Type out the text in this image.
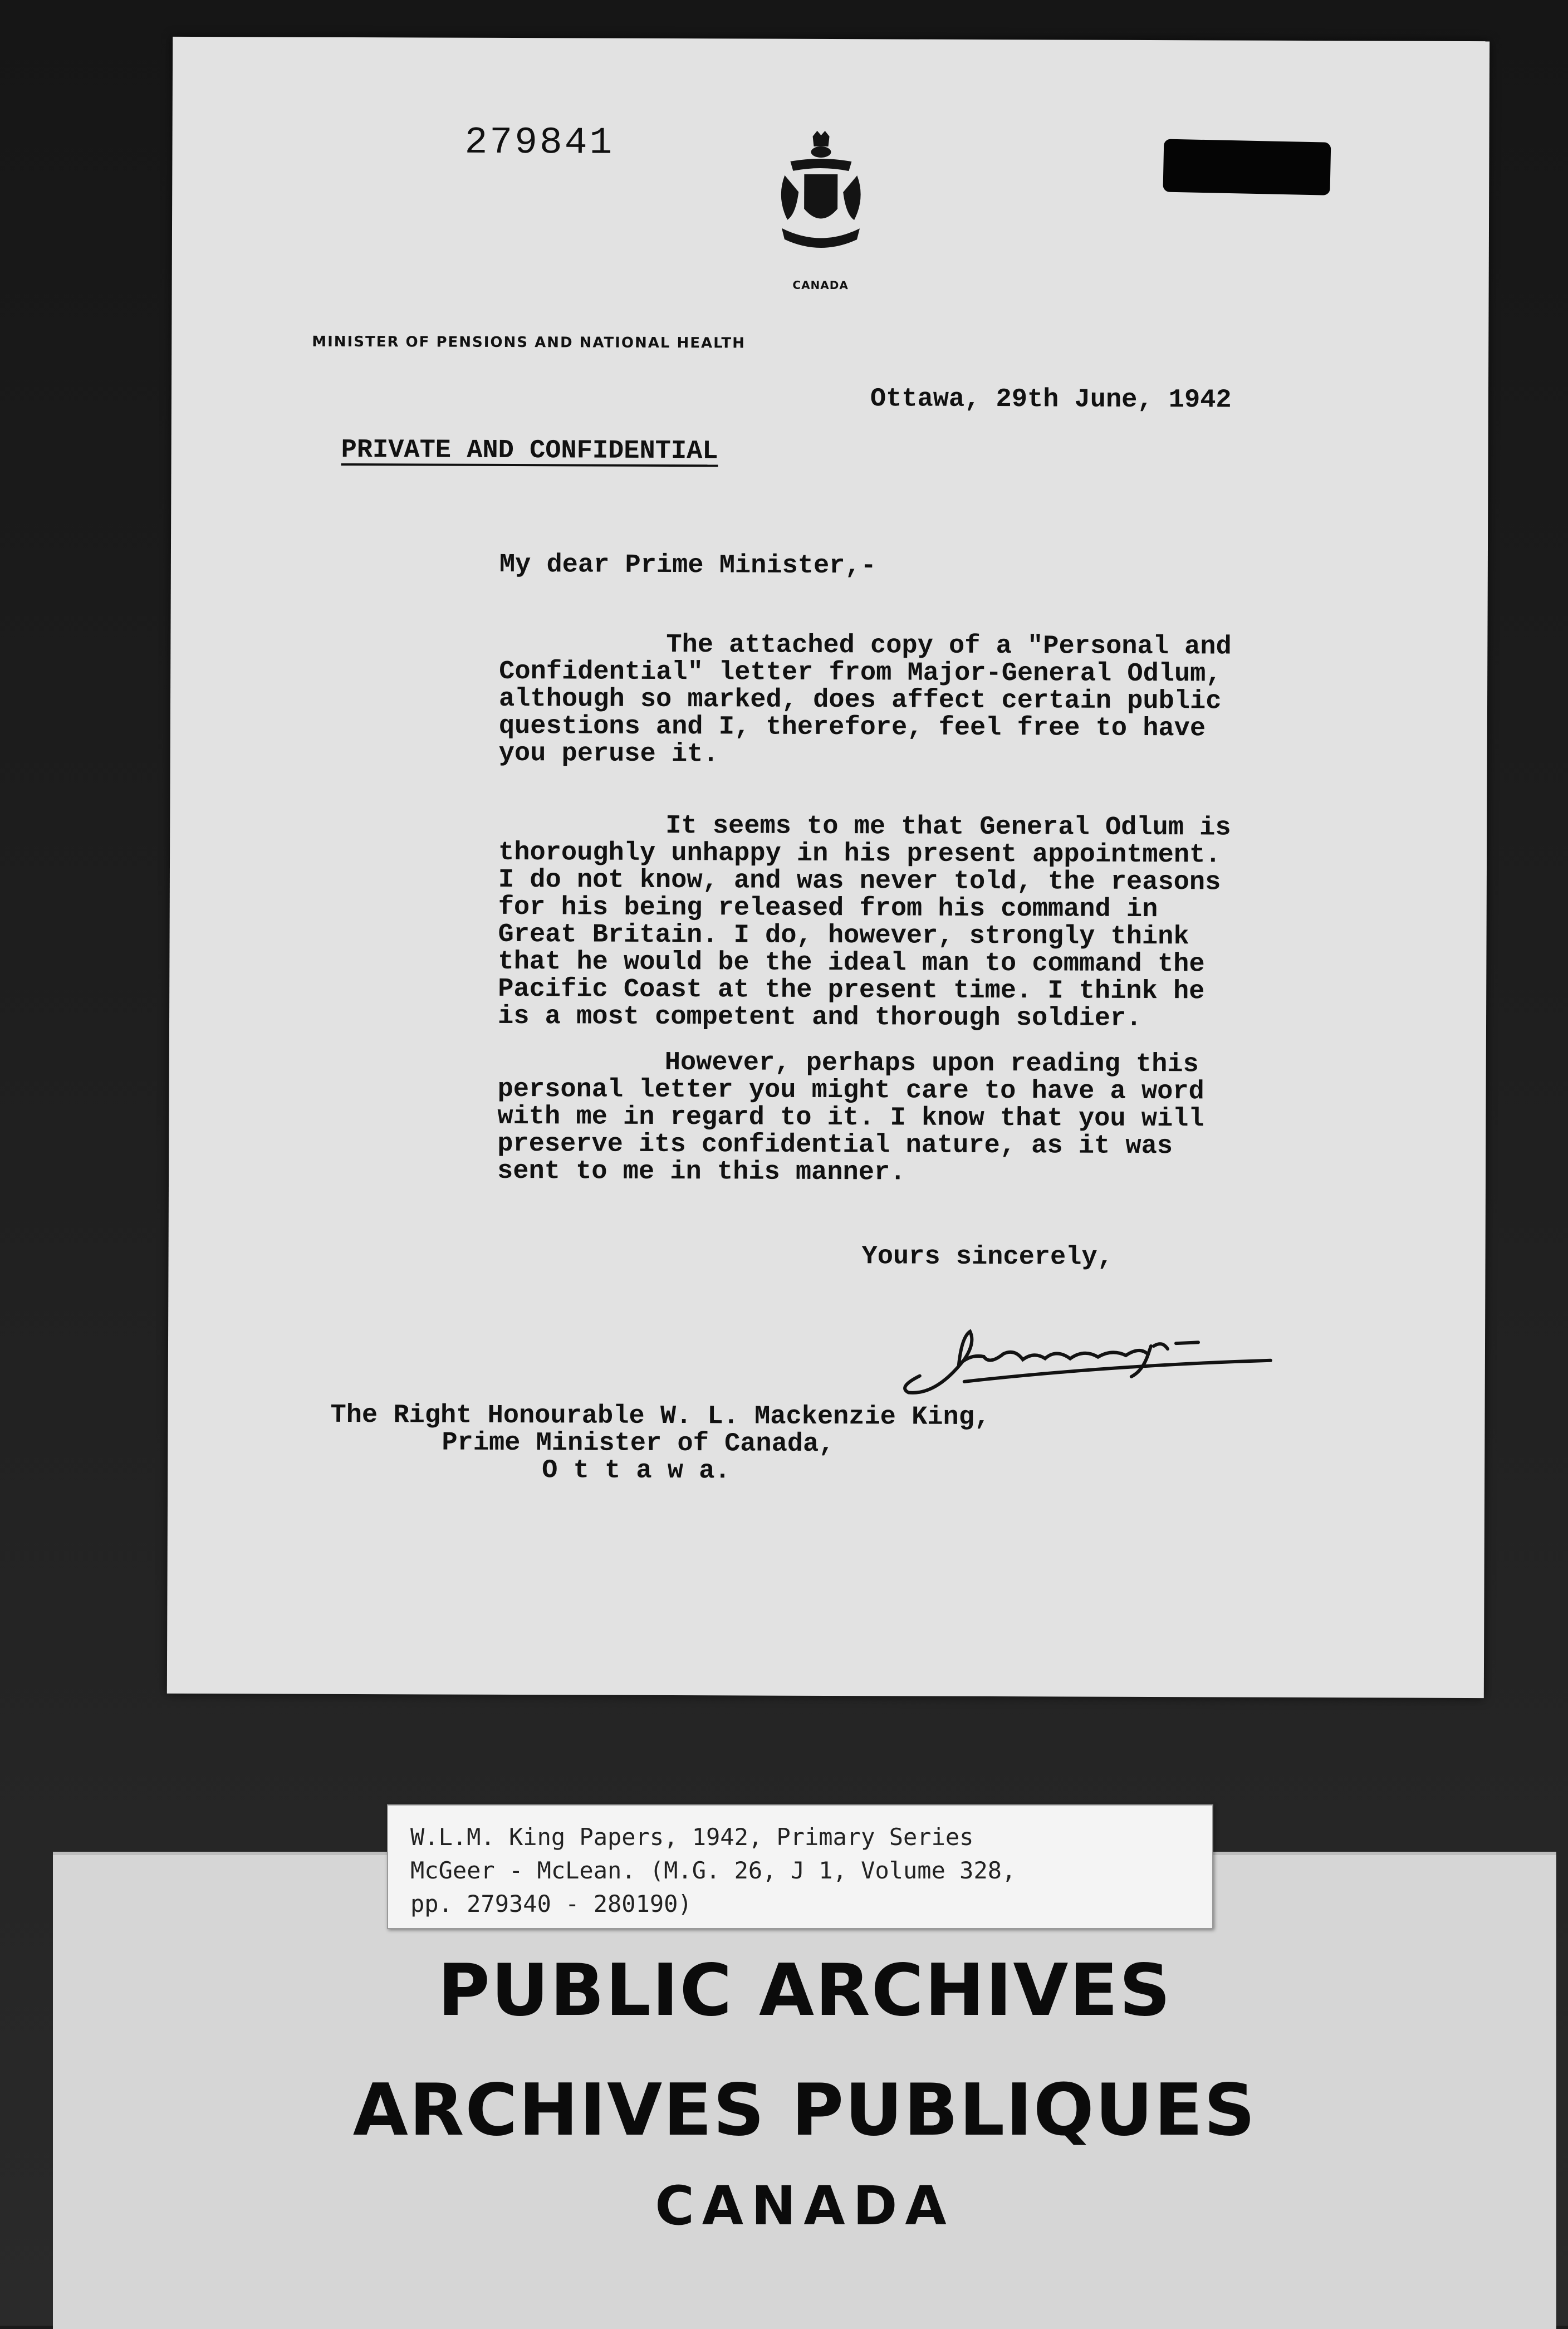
279841
CANADA
MINISTER OF PENSIONS AND NATIONAL HEALTH
Ottawa, 29th June, 1942
PRIVATE AND CONFIDENTIAL
My dear Prime Minister,-
The attached copy of a "Personal and
Confidential" letter from Major-General Odlum,
although so marked, does affect certain public
questions and I, therefore, feel free to have
you peruse it.
It seems to me that General Odlum is
thoroughly unhappy in his present appointment.
I do not know, and was never told, the reasons
for his being released from his command in
Great Britain. I do, however, strongly think
that he would be the ideal man to command the
Pacific Coast at the present time. I think he
is a most competent and thorough soldier.
However, perhaps upon reading this
personal letter you might care to have a word
with me in regard to it. I know that you will
preserve its confidential nature, as it was
sent to me in this manner.
Yours sincerely,
The Right Honourable W. L. Mackenzie King,
Prime Minister of Canada,
O t t a w a.
W.L.M. King Papers, 1942, Primary Series
McGeer - McLean. (M.G. 26, J 1, Volume 328,
pp. 279340 - 280190)
PUBLIC ARCHIVES
ARCHIVES PUBLIQUES
CANADA
